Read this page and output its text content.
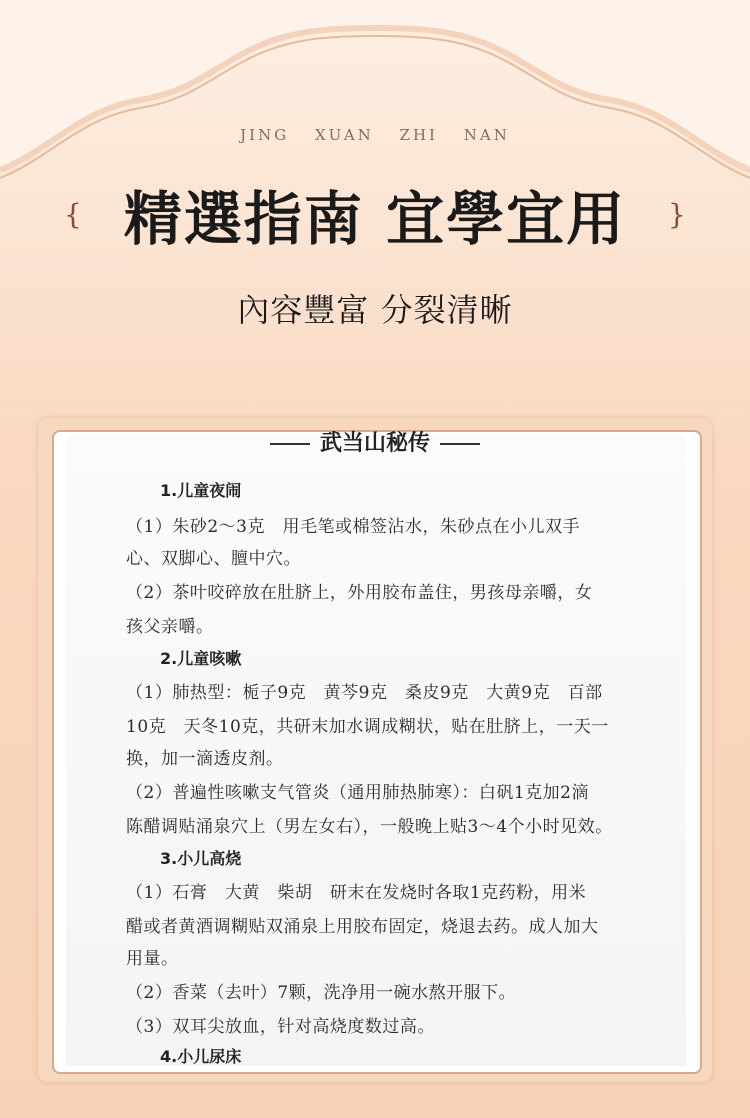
JING XUAN ZHI NAN
{ 精選指南 宜學宜用	}
內容豐富 分裂清晰
武当山秘传
1.儿童夜闹
（1）朱砂2～3克　用毛笔或棉签沾水，朱砂点在小儿双手
心、双脚心、膻中穴。
（2）茶叶咬碎放在肚脐上，外用胶布盖住，男孩母亲嚼，女
孩父亲嚼。
2.儿童咳嗽
（1）肺热型：栀子9克　黄芩9克　桑皮9克　大黄9克　百部
10克　天冬10克，共研末加水调成糊状，贴在肚脐上，一天一
换，加一滴透皮剂。
（2）普遍性咳嗽支气管炎（通用肺热肺寒）：白矾1克加2滴
陈醋调贴涌泉穴上（男左女右），一般晚上贴3～4个小时见效。
3.小儿高烧
（1）石膏　大黄　柴胡　研末在发烧时各取1克药粉，用米
醋或者黄酒调糊贴双涌泉上用胶布固定，烧退去药。成人加大
用量。
（2）香菜（去叶）7颗，洗净用一碗水熬开服下。
（3）双耳尖放血，针对高烧度数过高。
4.小儿尿床
